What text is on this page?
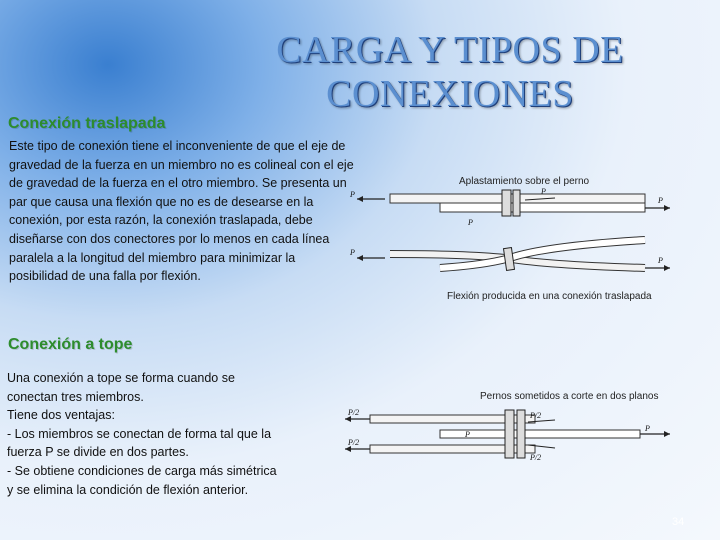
CARGA Y TIPOS DE
CONEXIONES
Conexión traslapada
Este tipo de conexión tiene el inconveniente de que el eje de gravedad de la fuerza en un miembro no es colineal con el eje de gravedad de la fuerza en el otro miembro. Se presenta un par que causa una flexión que no es de desearse en la conexión, por esta razón, la conexión traslapada, debe diseñarse con dos conectores por lo menos en cada línea paralela a la longitud del miembro para minimizar la posibilidad de una falla por flexión.
Aplastamiento sobre el perno
P
P
P
P
P
P
Flexión producida en una conexión traslapada
Conexión a tope
Una conexión a tope se forma cuando se
conectan tres miembros.
Tiene dos ventajas:
- Los miembros se conectan de forma tal que la
fuerza P se divide en dos partes.
- Se obtiene condiciones de carga más simétrica
y se elimina la condición de flexión anterior.
Pernos sometidos a corte en dos planos
P/2
P/2
P/2
P/2
P
P
34
